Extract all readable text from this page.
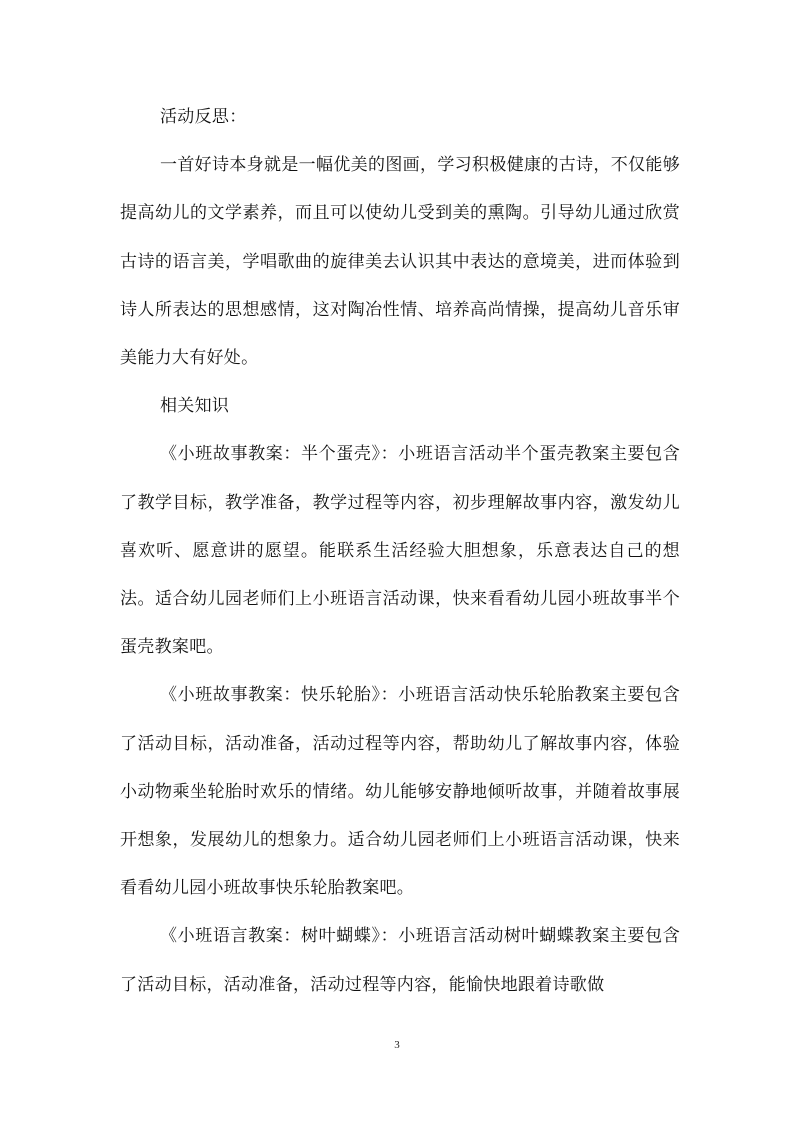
活动反思：

一首好诗本身就是一幅优美的图画，学习积极健康的古诗，不仅能够提高幼儿的文学素养，而且可以使幼儿受到美的熏陶。引导幼儿通过欣赏古诗的语言美，学唱歌曲的旋律美去认识其中表达的意境美，进而体验到诗人所表达的思想感情，这对陶冶性情、培养高尚情操，提高幼儿音乐审美能力大有好处。

相关知识

《小班故事教案：半个蛋壳》：小班语言活动半个蛋壳教案主要包含了教学目标，教学准备，教学过程等内容，初步理解故事内容，激发幼儿喜欢听、愿意讲的愿望。能联系生活经验大胆想象，乐意表达自己的想法。适合幼儿园老师们上小班语言活动课，快来看看幼儿园小班故事半个蛋壳教案吧。

《小班故事教案：快乐轮胎》：小班语言活动快乐轮胎教案主要包含了活动目标，活动准备，活动过程等内容，帮助幼儿了解故事内容，体验小动物乘坐轮胎时欢乐的情绪。幼儿能够安静地倾听故事，并随着故事展开想象，发展幼儿的想象力。适合幼儿园老师们上小班语言活动课，快来看看幼儿园小班故事快乐轮胎教案吧。

《小班语言教案：树叶蝴蝶》：小班语言活动树叶蝴蝶教案主要包含了活动目标，活动准备，活动过程等内容，能愉快地跟着诗歌做

3
